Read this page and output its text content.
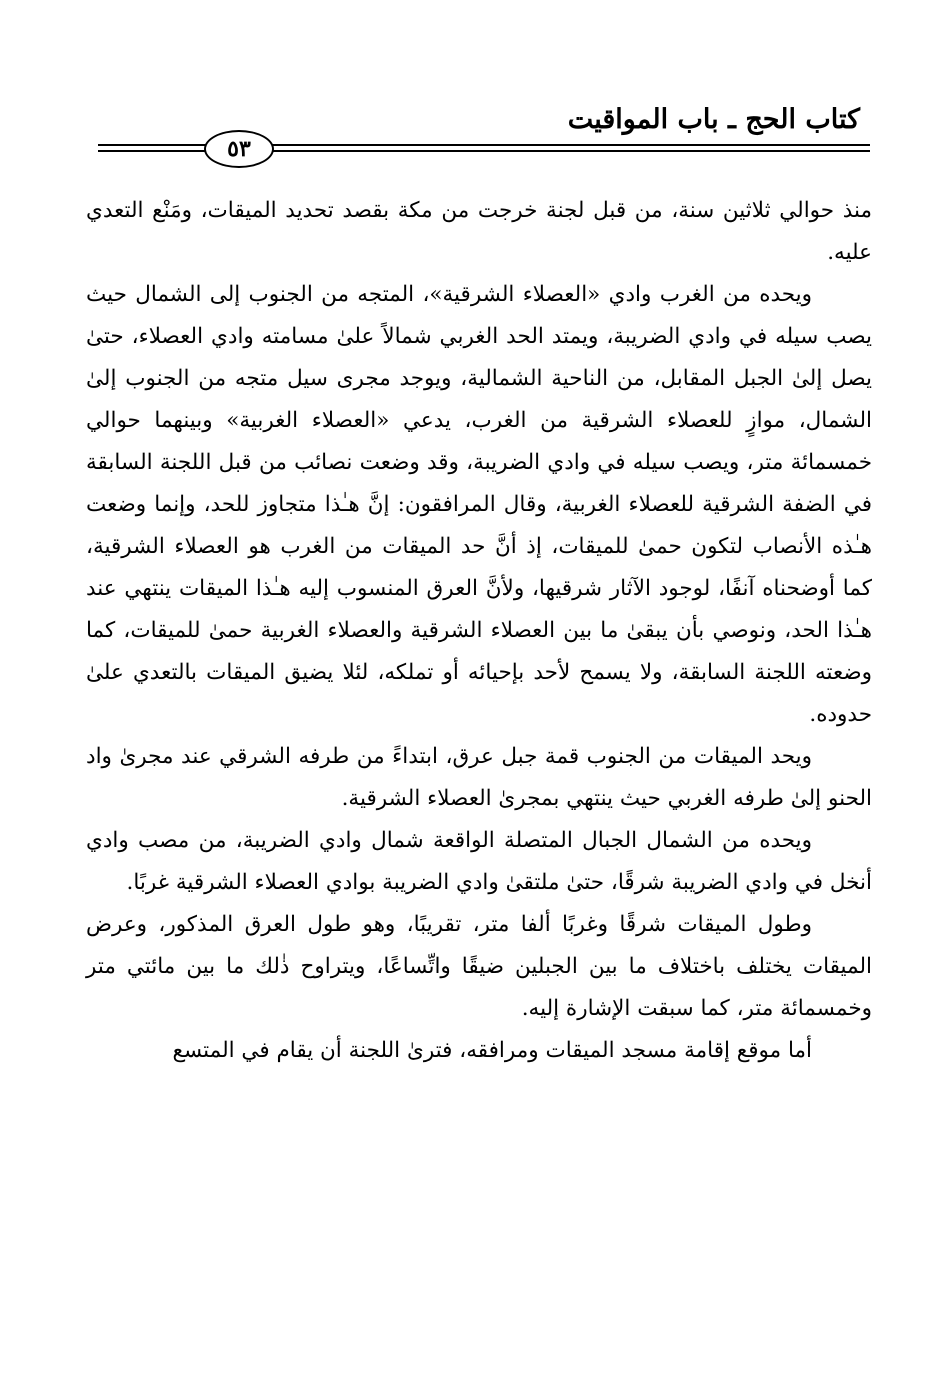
كتاب الحج ـ باب المواقيت
٥٣

منذ حوالي ثلاثين سنة، من قبل لجنة خرجت من مكة بقصد تحديد الميقات، ومَنْع التعدي عليه.

ويحده من الغرب وادي «العصلاء الشرقية»، المتجه من الجنوب إلى الشمال حيث يصب سيله في وادي الضريبة، ويمتد الحد الغربي شمالاً علىٰ مسامته وادي العصلاء، حتىٰ يصل إلىٰ الجبل المقابل، من الناحية الشمالية، ويوجد مجرى سيل متجه من الجنوب إلىٰ الشمال، موازٍ للعصلاء الشرقية من الغرب، يدعي «العصلاء الغربية» وبينهما حوالي خمسمائة متر، ويصب سيله في وادي الضريبة، وقد وضعت نصائب من قبل اللجنة السابقة في الضفة الشرقية للعصلاء الغربية، وقال المرافقون: إنَّ هـٰذا متجاوز للحد، وإنما وضعت هـٰذه الأنصاب لتكون حمىٰ للميقات، إذ أنَّ حد الميقات من الغرب هو العصلاء الشرقية، كما أوضحناه آنفًا، لوجود الآثار شرقيها، ولأنَّ العرق المنسوب إليه هـٰذا الميقات ينتهي عند هـٰذا الحد، ونوصي بأن يبقىٰ ما بين العصلاء الشرقية والعصلاء الغربية حمىٰ للميقات، كما وضعته اللجنة السابقة، ولا يسمح لأحد بإحيائه أو تملكه، لئلا يضيق الميقات بالتعدي علىٰ حدوده.

ويحد الميقات من الجنوب قمة جبل عرق، ابتداءً من طرفه الشرقي عند مجرىٰ واد الحنو إلىٰ طرفه الغربي حيث ينتهي بمجرىٰ العصلاء الشرقية.

ويحده من الشمال الجبال المتصلة الواقعة شمال وادي الضريبة، من مصب وادي أنخل في وادي الضريبة شرقًا، حتىٰ ملتقىٰ وادي الضريبة بوادي العصلاء الشرقية غربًا.

وطول الميقات شرقًا وغربًا ألفا متر، تقريبًا، وهو طول العرق المذكور، وعرض الميقات يختلف باختلاف ما بين الجبلين ضيقًا واتِّساعًا، ويتراوح ذٰلك ما بين مائتي متر وخمسمائة متر، كما سبقت الإشارة إليه.

أما موقع إقامة مسجد الميقات ومرافقه، فترىٰ اللجنة أن يقام في المتسع
